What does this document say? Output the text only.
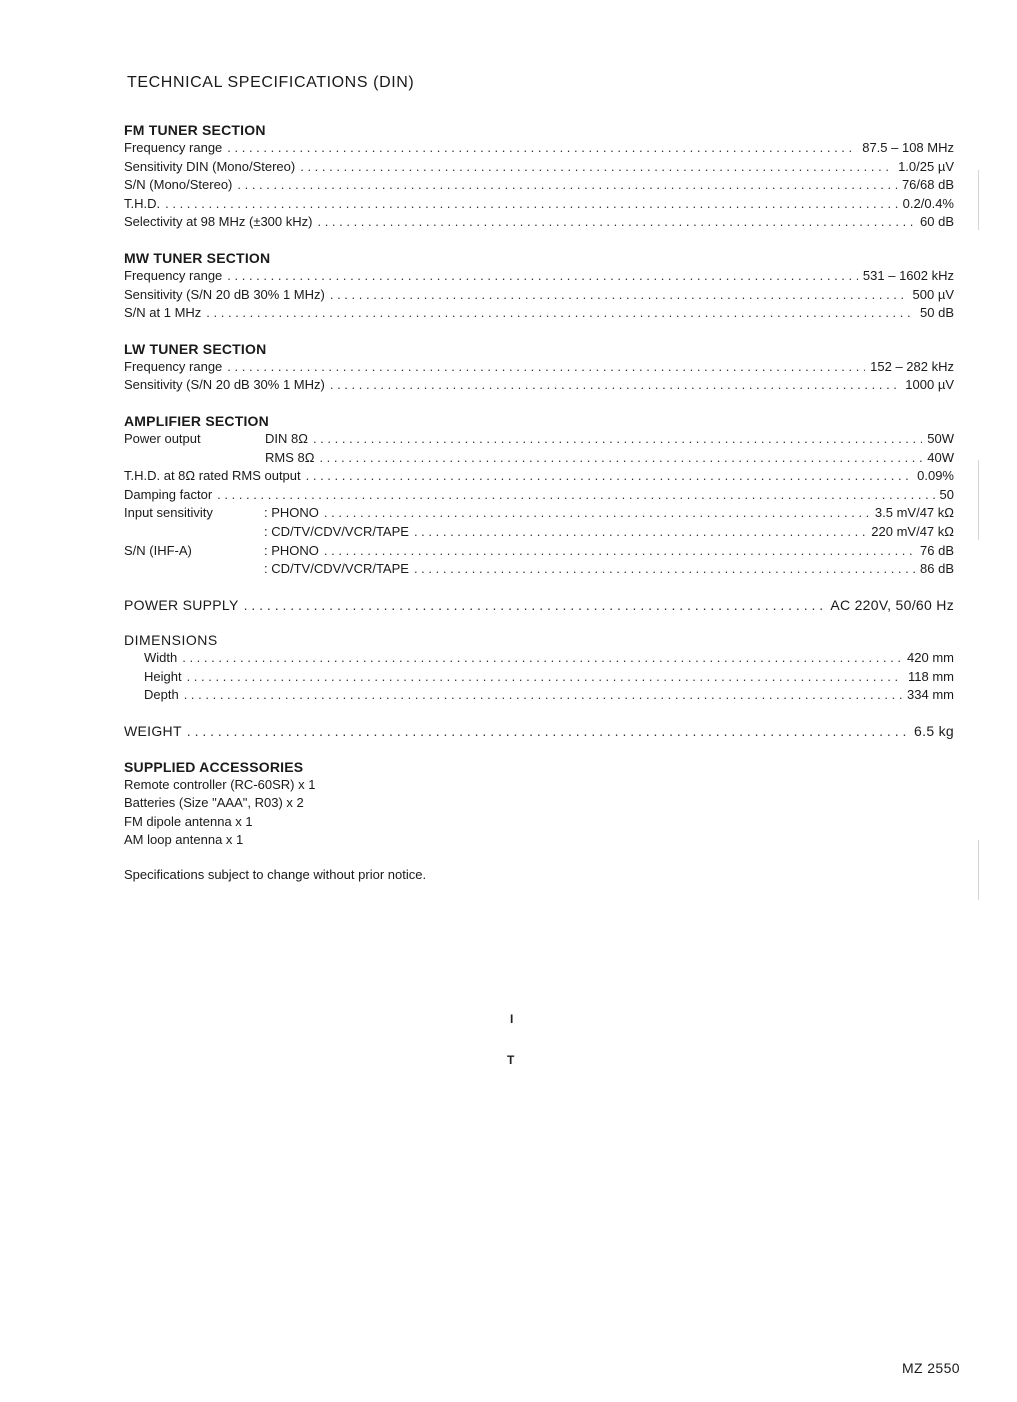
TECHNICAL SPECIFICATIONS (DIN)
FM TUNER SECTION
Frequency range . . .	87.5 – 108 MHz
Sensitivity DIN (Mono/Stereo) . . .	1.0/25 µV
S/N (Mono/Stereo) . . .	76/68 dB
T.H.D. . . .	0.2/0.4%
Selectivity at 98 MHz (±300 kHz) . . .	60 dB
MW TUNER SECTION
Frequency range . . .	531 – 1602 kHz
Sensitivity (S/N 20 dB 30% 1 MHz) . . .	500 µV
S/N at 1 MHz . . .	50 dB
LW TUNER SECTION
Frequency range . . .	152 – 282 kHz
Sensitivity (S/N 20 dB 30% 1 MHz) . . .	1000 µV
AMPLIFIER SECTION
Power output	DIN 8Ω . . .	50W
RMS 8Ω . . .	40W
T.H.D. at 8Ω rated RMS output . . .	0.09%
Damping factor . . .	50
Input sensitivity	: PHONO . . .	3.5 mV/47 kΩ
: CD/TV/CDV/VCR/TAPE . . .	220 mV/47 kΩ
S/N (IHF-A)	: PHONO . . .	76 dB
: CD/TV/CDV/VCR/TAPE . . .	86 dB
POWER SUPPLY . . .	AC 220V, 50/60 Hz
DIMENSIONS
Width . . .	420 mm
Height . . .	118 mm
Depth . . .	334 mm
WEIGHT . . .	6.5 kg
SUPPLIED ACCESSORIES
Remote controller (RC-60SR) x 1
Batteries (Size "AAA", R03) x 2
FM dipole antenna x 1
AM loop antenna x 1
Specifications subject to change without prior notice.
I
T
MZ 2550
